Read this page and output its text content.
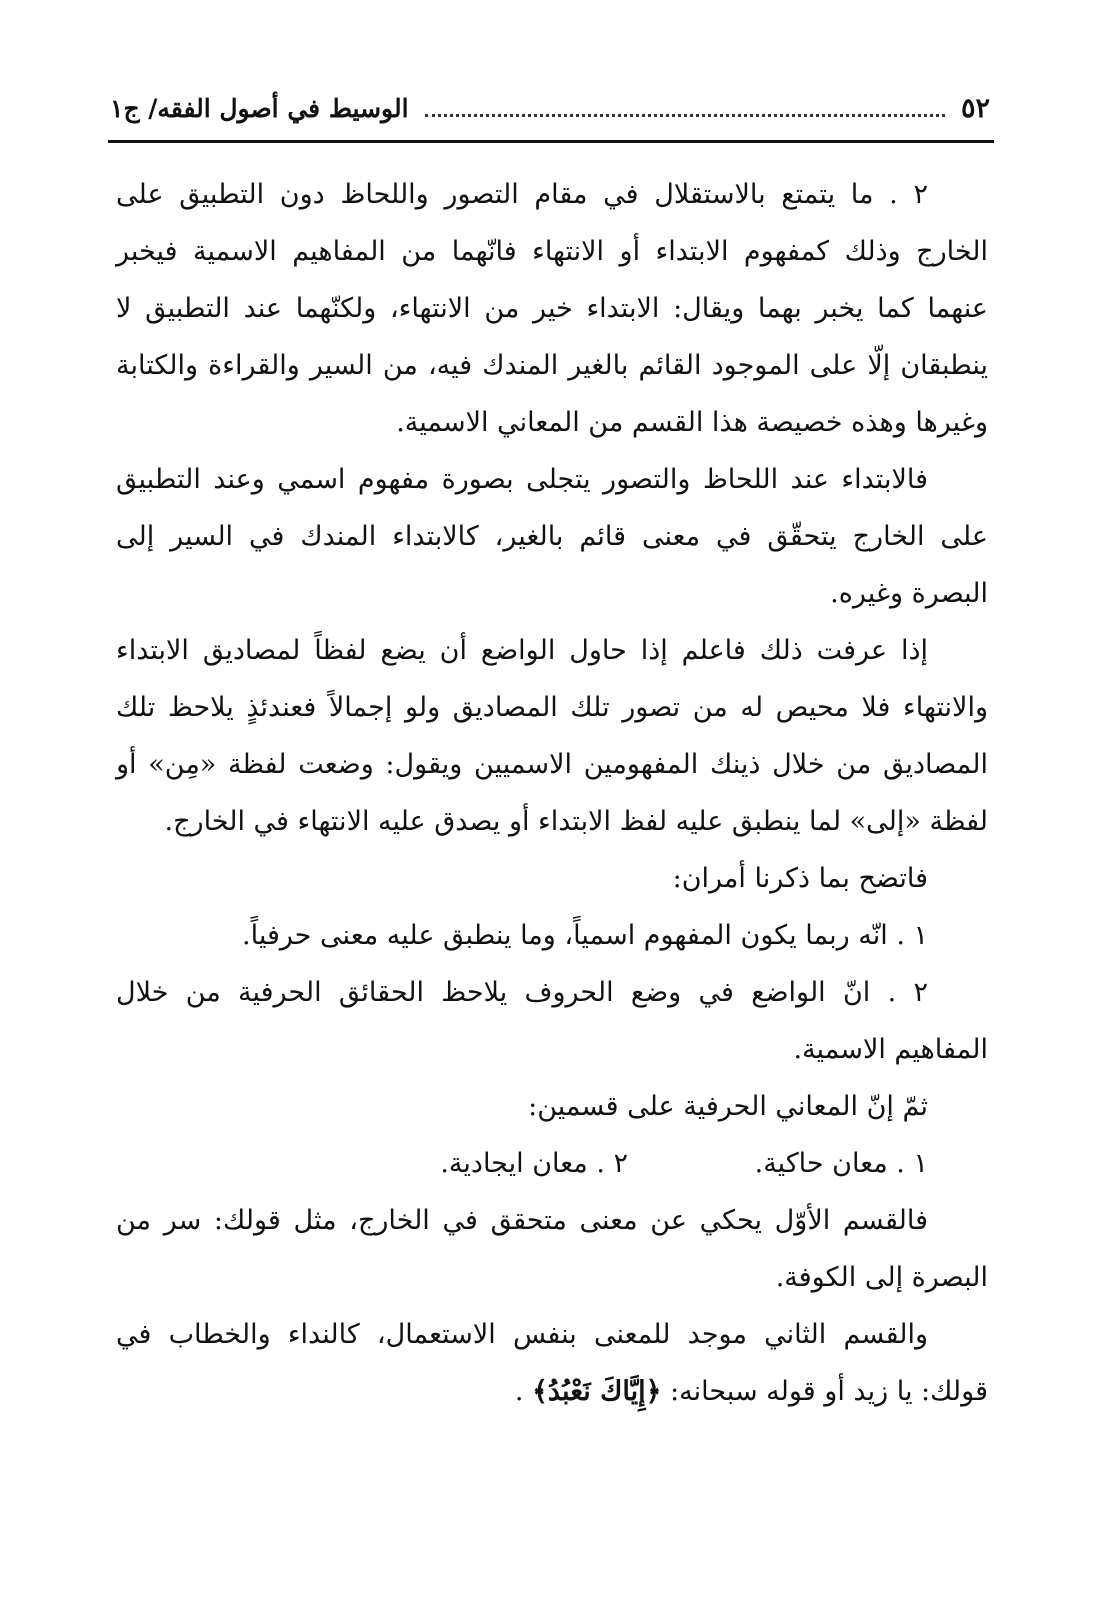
٥٢
الوسيط في أصول الفقه/ ج١

٢ . ما يتمتع بالاستقلال في مقام التصور واللحاظ دون التطبيق على الخارج وذلك كمفهوم الابتداء أو الانتهاء فانّهما من المفاهيم الاسمية فيخبر عنهما كما يخبر بهما ويقال: الابتداء خير من الانتهاء، ولكنّهما عند التطبيق لا ينطبقان إلّا على الموجود القائم بالغير المندك فيه، من السير والقراءة والكتابة وغيرها وهذه خصيصة هذا القسم من المعاني الاسمية.

فالابتداء عند اللحاظ والتصور يتجلى بصورة مفهوم اسمي وعند التطبيق على الخارج يتحقّق في معنى قائم بالغير، كالابتداء المندك في السير إلى البصرة وغيره.

إذا عرفت ذلك فاعلم إذا حاول الواضع أن يضع لفظاً لمصاديق الابتداء والانتهاء فلا محيص له من تصور تلك المصاديق ولو إجمالاً فعندئذٍ يلاحظ تلك المصاديق من خلال ذينك المفهومين الاسميين ويقول: وضعت لفظة «مِن» أو لفظة «إلى» لما ينطبق عليه لفظ الابتداء أو يصدق عليه الانتهاء في الخارج.

فاتضح بما ذكرنا أمران:

١ . انّه ربما يكون المفهوم اسمياً، وما ينطبق عليه معنى حرفياً.

٢ . انّ الواضع في وضع الحروف يلاحظ الحقائق الحرفية من خلال المفاهيم الاسمية.

ثمّ إنّ المعاني الحرفية على قسمين:

١ . معان حاكية.
٢ . معان ايجادية.

فالقسم الأوّل يحكي عن معنى متحقق في الخارج، مثل قولك: سر من البصرة إلى الكوفة.

والقسم الثاني موجد للمعنى بنفس الاستعمال، كالنداء والخطاب في قولك: يا زيد أو قوله سبحانه: ﴿إِيَّاكَ نَعْبُدُ﴾ .
